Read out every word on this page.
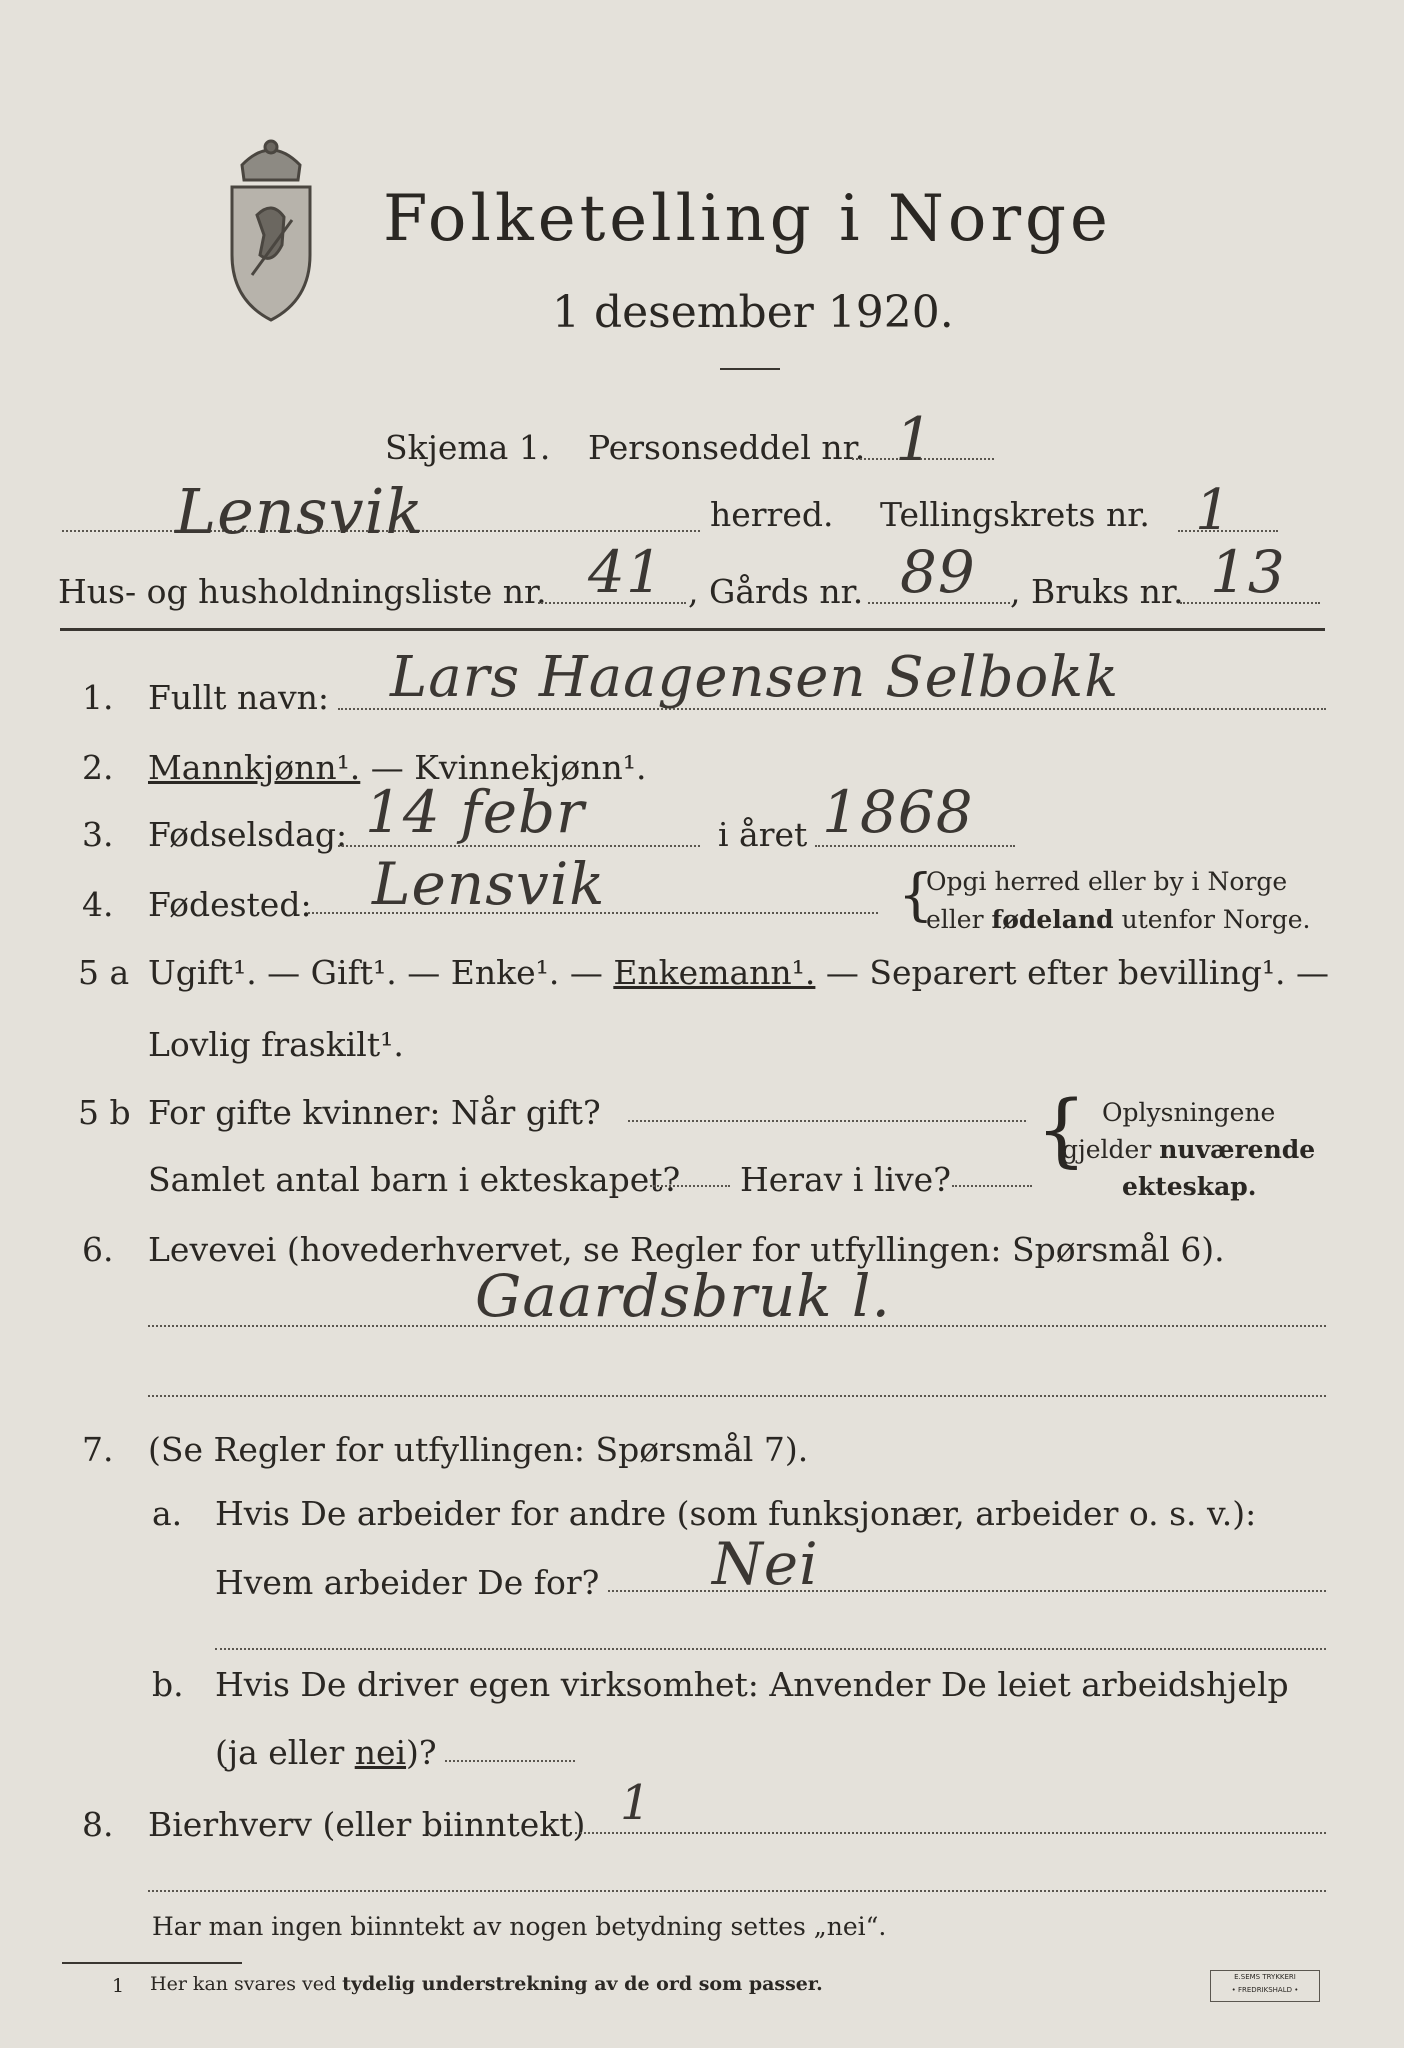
Folketelling i Norge
1 desember 1920.
Skjema 1. Personseddel nr. 1
Lensvik	herred. Tellingskrets nr. 1
Hus- og husholdningsliste nr. 41 , Gårds nr. 89 , Bruks nr. 13
1. Fullt navn: Lars Haagensen Selbokk
2. Mannkjønn¹. — Kvinnekjønn¹.
3. Fødselsdag: 14 febr	i året 1868
4. Fødested: Lensvik	{
Opgi herred eller by i Norge
eller fødeland utenfor Norge.
5 a Ugift¹. — Gift¹. — Enke¹. — Enkemann¹. — Separert efter bevilling¹. —
Lovlig fraskilt¹.
5 b For gifte kvinner: Når gift?
Samlet antal barn i ekteskapet? Herav i live?
{ Oplysningene
gjelder nuværende
ekteskap.
6. Levevei (hovederhvervet, se Regler for utfyllingen: Spørsmål 6).
Gaardsbruk l.
7. (Se Regler for utfyllingen: Spørsmål 7).
a. Hvis De arbeider for andre (som funksjonær, arbeider o. s. v.):
Hvem arbeider De for? Nei
b. Hvis De driver egen virksomhet: Anvender De leiet arbeidshjelp
(ja eller nei)?
8. Bierhverv (eller biinntekt) 1
Har man ingen biinntekt av nogen betydning settes „nei“.
1 Her kan svares ved tydelig understrekning av de ord som passer.	E.SEMS TRYKKERI
• FREDRIKSHALD •
